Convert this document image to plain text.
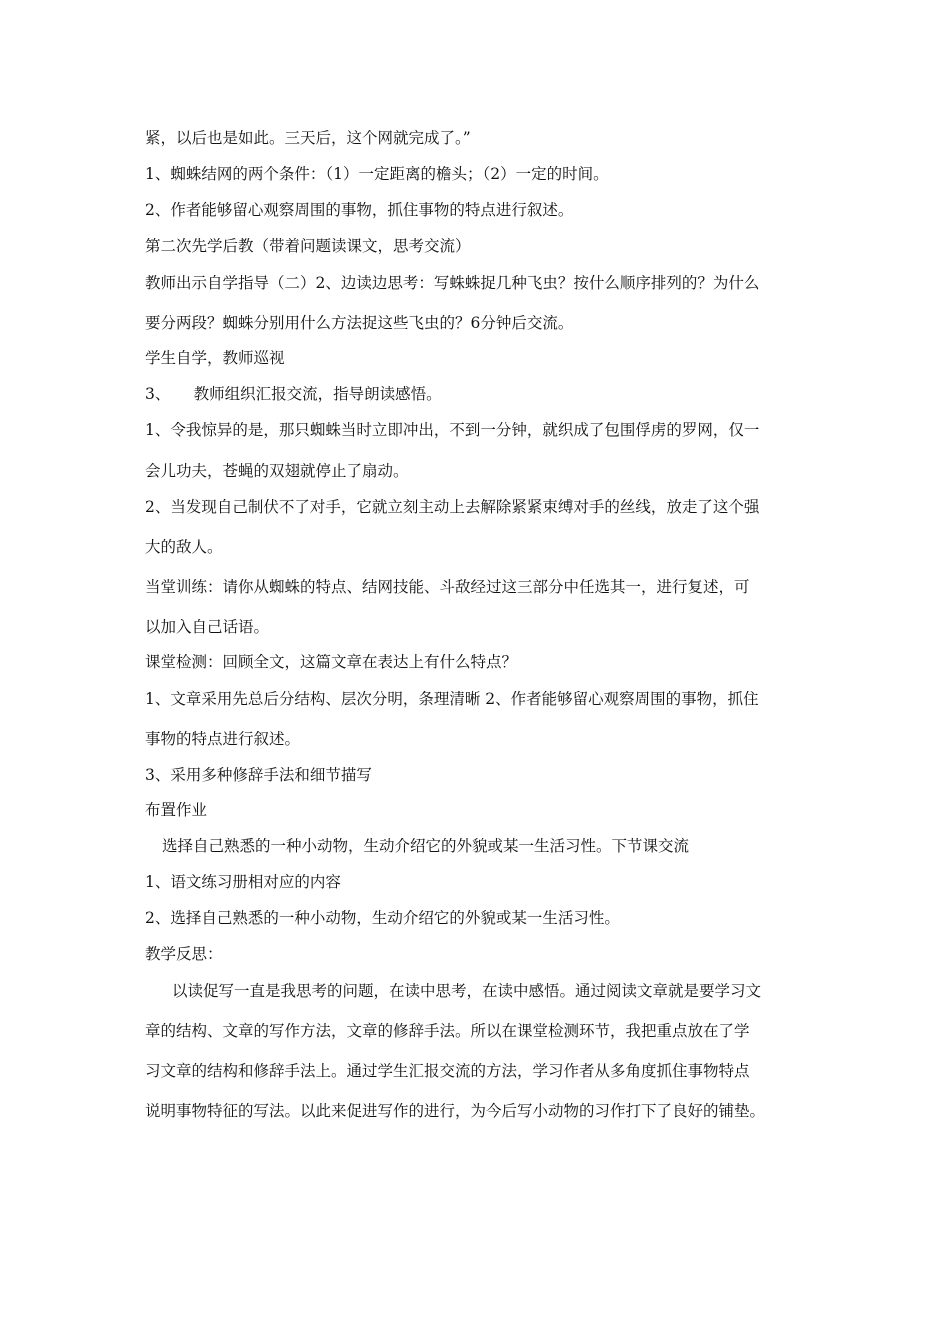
紧，以后也是如此。三天后，这个网就完成了。”
1、蜘蛛结网的两个条件：（1）一定距离的檐头；（2）一定的时间。
2、作者能够留心观察周围的事物，抓住事物的特点进行叙述。
第二次先学后教（带着问题读课文，思考交流）
教师出示自学指导（二）2、边读边思考：写蛛蛛捉几种飞虫？按什么顺序排列的？为什么
要分两段？蜘蛛分别用什么方法捉这些飞虫的？6分钟后交流。
学生自学，教师巡视
3、　　教师组织汇报交流，指导朗读感悟。
1、令我惊异的是，那只蜘蛛当时立即冲出，不到一分钟，就织成了包围俘虏的罗网，仅一
会儿功夫，苍蝇的双翅就停止了扇动。
2、当发现自己制伏不了对手，它就立刻主动上去解除紧紧束缚对手的丝线，放走了这个强
大的敌人。
当堂训练：请你从蜘蛛的特点、结网技能、斗敌经过这三部分中任选其一，进行复述，可
以加入自己话语。
课堂检测：回顾全文，这篇文章在表达上有什么特点？
1、文章采用先总后分结构、层次分明，条理清晰 2、作者能够留心观察周围的事物，抓住
事物的特点进行叙述。
3、采用多种修辞手法和细节描写
布置作业
选择自己熟悉的一种小动物，生动介绍它的外貌或某一生活习性。下节课交流
1、语文练习册相对应的内容
2、选择自己熟悉的一种小动物，生动介绍它的外貌或某一生活习性。
教学反思：
以读促写一直是我思考的问题，在读中思考，在读中感悟。通过阅读文章就是要学习文
章的结构、文章的写作方法，文章的修辞手法。所以在课堂检测环节，我把重点放在了学
习文章的结构和修辞手法上。通过学生汇报交流的方法，学习作者从多角度抓住事物特点
说明事物特征的写法。以此来促进写作的进行，为今后写小动物的习作打下了良好的铺垫。
